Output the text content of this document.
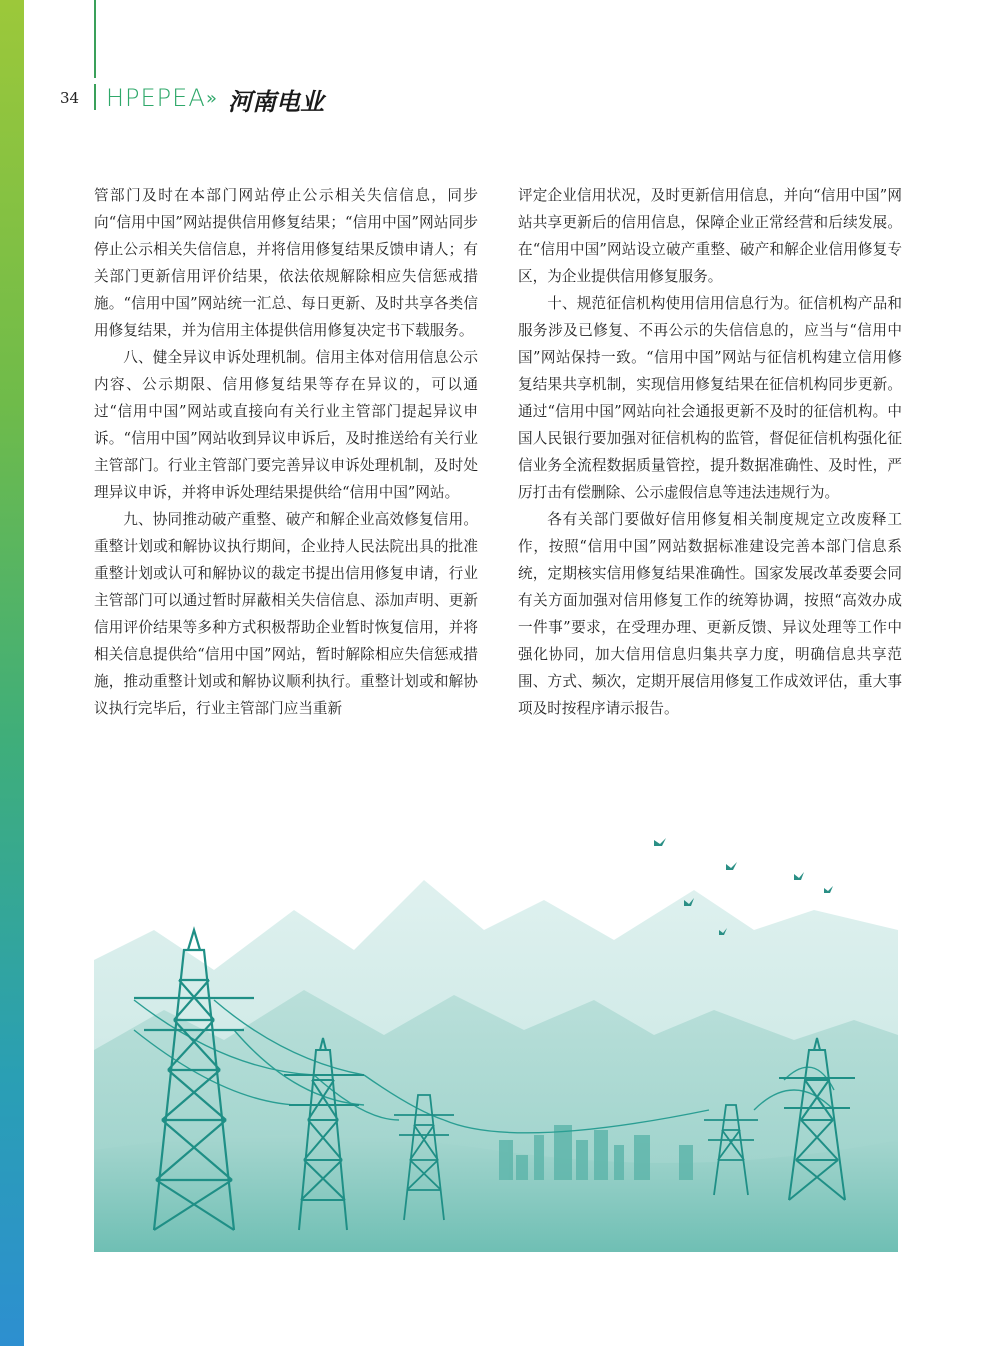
34 HPEPEA » 河南电业

管部门及时在本部门网站停止公示相关失信信息，同步向“信用中国”网站提供信用修复结果；“信用中国”网站同步停止公示相关失信信息，并将信用修复结果反馈申请人；有关部门更新信用评价结果，依法依规解除相应失信惩戒措施。“信用中国”网站统一汇总、每日更新、及时共享各类信用修复结果，并为信用主体提供信用修复决定书下载服务。

八、健全异议申诉处理机制。信用主体对信用信息公示内容、公示期限、信用修复结果等存在异议的，可以通过“信用中国”网站或直接向有关行业主管部门提起异议申诉。“信用中国”网站收到异议申诉后，及时推送给有关行业主管部门。行业主管部门要完善异议申诉处理机制，及时处理异议申诉，并将申诉处理结果提供给“信用中国”网站。

九、协同推动破产重整、破产和解企业高效修复信用。重整计划或和解协议执行期间，企业持人民法院出具的批准重整计划或认可和解协议的裁定书提出信用修复申请，行业主管部门可以通过暂时屏蔽相关失信信息、添加声明、更新信用评价结果等多种方式积极帮助企业暂时恢复信用，并将相关信息提供给“信用中国”网站，暂时解除相应失信惩戒措施，推动重整计划或和解协议顺利执行。重整计划或和解协议执行完毕后，行业主管部门应当重新

评定企业信用状况，及时更新信用信息，并向“信用中国”网站共享更新后的信用信息，保障企业正常经营和后续发展。在“信用中国”网站设立破产重整、破产和解企业信用修复专区，为企业提供信用修复服务。

十、规范征信机构使用信用信息行为。征信机构产品和服务涉及已修复、不再公示的失信信息的，应当与“信用中国”网站保持一致。“信用中国”网站与征信机构建立信用修复结果共享机制，实现信用修复结果在征信机构同步更新。通过“信用中国”网站向社会通报更新不及时的征信机构。中国人民银行要加强对征信机构的监管，督促征信机构强化征信业务全流程数据质量管控，提升数据准确性、及时性，严厉打击有偿删除、公示虚假信息等违法违规行为。

各有关部门要做好信用修复相关制度规定立改废释工作，按照“信用中国”网站数据标准建设完善本部门信息系统，定期核实信用修复结果准确性。国家发展改革委要会同有关方面加强对信用修复工作的统筹协调，按照“高效办成一件事”要求，在受理办理、更新反馈、异议处理等工作中强化协同，加大信用信息归集共享力度，明确信息共享范围、方式、频次，定期开展信用修复工作成效评估，重大事项及时按程序请示报告。
